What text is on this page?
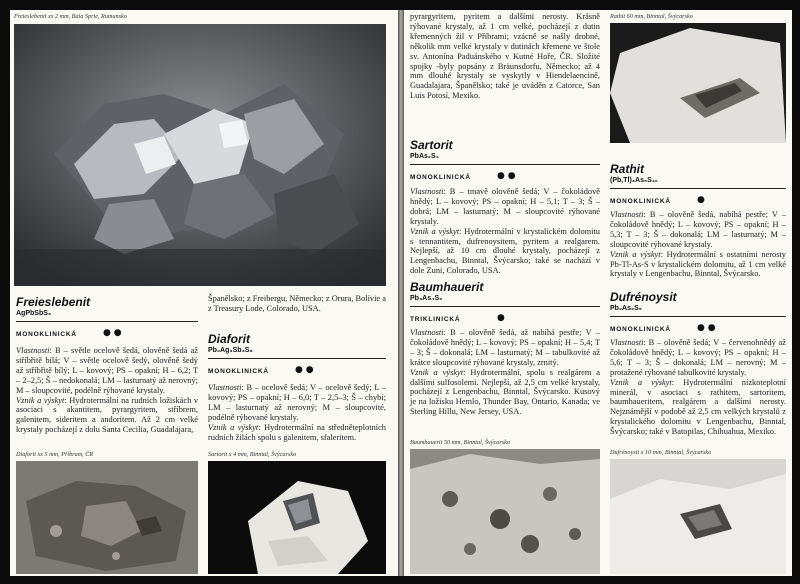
Freieslebenit xx 2 mm, Baia Sprie, Rumunsko
Freieslebenit
AgPbSbS₃
MONOKLINICKÁ	● ●
Vlastnosti: B – světle ocelově šedá, olověně šedá až stříbřitě bílá; V – světle ocelově šedý, olověně šedý až stříbřitě bílý; L – kovový; PS – opakní; H – 6,2; T – 2–2,5; Š – nedokonalá; LM – lasturnatý až nerovný; M – sloupcovité, podélně rýhované krystaly.
Vznik a výskyt: Hydrotermální na rudních ložiskách v asociaci s akantitem, pyrargyritem, stříbrem, galenitem, sideritem a andoritem. Až 2 cm velké krystaly pocházejí z dolu Santa Cecilia, Guadalajara,
Španělsko; z Freibergu, Německo; z Orura, Bolívie a z Treasury Lode, Colorado, USA.
Diaforit
Pb₂Ag₃Sb₃S₈
MONOKLINICKÁ	● ●
Vlastnosti: B – ocelově šedá; V – ocelově šedý; L – kovový; PS – opakní; H – 6,0; T – 2,5–3; Š – chybí; LM – lasturnatý až nerovný; M – sloupcovité, podélně rýhované krystaly.
Vznik a výskyt: Hydrotermální na středněteplotních rudních žilách spolu s galenitem, sfaleritem.
Diaforit xx 5 mm, Příbram, ČR	Sartorit x 4 mm, Binntal, Švýcarsko
pyrargyritem, pyritem a dalšími nerosty. Krásně rýhované krystaly, až 1 cm velké, pocházejí z dutin křemenných žil v Příbrami; vzácně se našly drobné, několik mm velké krystaly v dutinách křemene ve štole sv. Antonína Paduánského v Kutné Hoře, ČR. Složité spojky -byly popsány z Bräunsdorfu, Německo; až 4 mm dlouhé krystaly se vyskytly v Hiendelaencině, Guadalajara, Španělsko; také je uváděn z Catorce, San Luis Potosí, Mexiko.
Rathit 60 mm, Binntal, Švýcarsko
Sartorit
PbAs₂S₄
MONOKLINICKÁ	● ●
Vlastnosti: B – tmavě olověně šedá; V – čokoládově hnědý; L – kovový; PS – opakní; H – 5,1; T – 3; Š – dobrá; LM – lasturnatý; M – sloupcovité rýhované krystaly.
Vznik a výskyt: Hydrotermální v krystalickém dolomitu s tennantitem, dufrenoysitem, pyritem a realgarem. Nejlepší, až 10 cm dlouhé krystaly, pocházejí z Lengenbachu, Binntal, Švýcarsko; také se nachází v dole Zuni, Colorado, USA.
Rathit
(Pb,Tl)₃As₅S₁₀
MONOKLINICKÁ	●
Vlastnosti: B – olověně šedá, nabíhá pestře; V – čokoládově hnědý; L – kovový; PS – opakní; H – 5,3; T – 3; Š – dokonalá; LM – lasturnatý; M – sloupcovité rýhované krystaly.
Vznik a výskyt: Hydrotermální s ostatními nerosty Pb-Tl-As-S v krystalickém dolomitu, až 1 cm velké krystaly v Lengenbachu, Binntal, Švýcarsko.
Baumhauerit
Pb₃As₄S₉
TRIKLINICKÁ	●
Vlastnosti: B – olověně šedá, až nabíhá pestře; V – čokoládově hnědý; L – kovový; PS – opakní; H – 5,4; T – 3; Š – dokonalá; LM – lasturnatý; M – tabulkovité až krátce sloupcovité rýhované krystaly, zrnitý.
Vznik a výskyt: Hydrotermální, spolu s realgárem a dalšími sulfosolemi. Nejlepší, až 2,5 cm velké krystaly, pocházejí z Lengenbachu, Binntal, Švýcarsko. Kusový je na ložisku Hemlo, Thunder Bay, Ontario, Kanada; ve Sterling Hillu, New Jersey, USA.
Dufrénoysit
Pb₂As₂S₅
MONOKLINICKÁ	● ●
Vlastnosti: B – olověně šedá; V – červenohnědý až čokoládově hnědý; L – kovový; PS – opakní; H – 5,6; T – 3; Š – dokonalá; LM – nerovný; M – protažené rýhované tabulkovité krystaly.
Vznik a výskyt: Hydrotermální nízkoteplotní minerál, v asociaci s rathitem, sartoritem, baumhaueritem, realgárem a dalšími nerosty. Nejznámější v podobě až 2,5 cm velkých krystalů z krystalického dolomitu v Lengenbachu, Binntal, Švýcarsko; také v Batopilas, Chihuahua, Mexiko.
Baumhauerit 50 mm, Binntal, Švýcarsko
Dufrénoysit x 10 mm, Binntal, Švýcarsko
